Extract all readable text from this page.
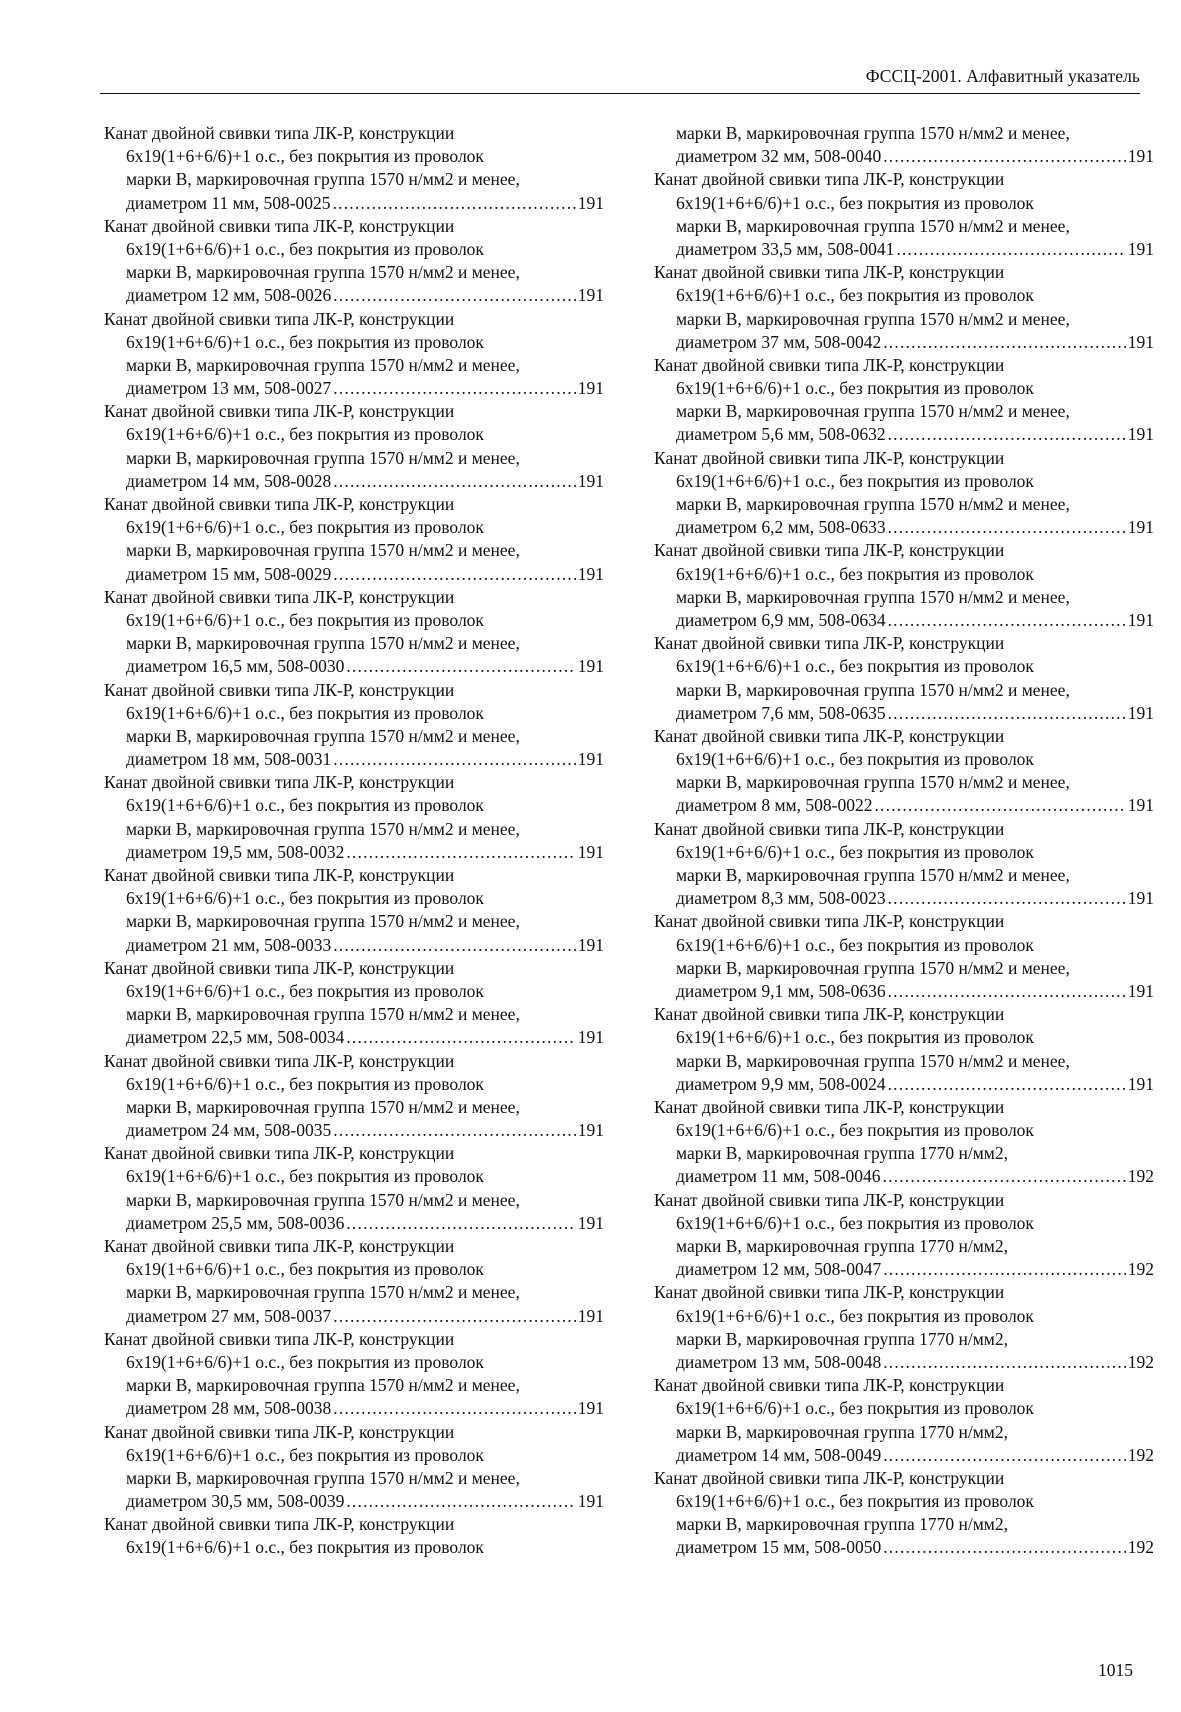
ФССЦ-2001. Алфавитный указатель
Канат двойной свивки типа ЛК-Р, конструкции
6х19(1+6+6/6)+1 о.с., без покрытия из проволок
марки В, маркировочная группа 1570 н/мм2 и менее,
диаметром 11 мм, 508-0025 .....	191
Канат двойной свивки типа ЛК-Р, конструкции
6х19(1+6+6/6)+1 о.с., без покрытия из проволок
марки В, маркировочная группа 1570 н/мм2 и менее,
диаметром 12 мм, 508-0026 .....	191
Канат двойной свивки типа ЛК-Р, конструкции
6х19(1+6+6/6)+1 о.с., без покрытия из проволок
марки В, маркировочная группа 1570 н/мм2 и менее,
диаметром 13 мм, 508-0027 .....	191
Канат двойной свивки типа ЛК-Р, конструкции
6х19(1+6+6/6)+1 о.с., без покрытия из проволок
марки В, маркировочная группа 1570 н/мм2 и менее,
диаметром 14 мм, 508-0028 .....	191
Канат двойной свивки типа ЛК-Р, конструкции
6х19(1+6+6/6)+1 о.с., без покрытия из проволок
марки В, маркировочная группа 1570 н/мм2 и менее,
диаметром 15 мм, 508-0029 .....	191
Канат двойной свивки типа ЛК-Р, конструкции
6х19(1+6+6/6)+1 о.с., без покрытия из проволок
марки В, маркировочная группа 1570 н/мм2 и менее,
диаметром 16,5 мм, 508-0030 .....	191
Канат двойной свивки типа ЛК-Р, конструкции
6х19(1+6+6/6)+1 о.с., без покрытия из проволок
марки В, маркировочная группа 1570 н/мм2 и менее,
диаметром 18 мм, 508-0031 .....	191
Канат двойной свивки типа ЛК-Р, конструкции
6х19(1+6+6/6)+1 о.с., без покрытия из проволок
марки В, маркировочная группа 1570 н/мм2 и менее,
диаметром 19,5 мм, 508-0032 .....	191
Канат двойной свивки типа ЛК-Р, конструкции
6х19(1+6+6/6)+1 о.с., без покрытия из проволок
марки В, маркировочная группа 1570 н/мм2 и менее,
диаметром 21 мм, 508-0033 .....	191
Канат двойной свивки типа ЛК-Р, конструкции
6х19(1+6+6/6)+1 о.с., без покрытия из проволок
марки В, маркировочная группа 1570 н/мм2 и менее,
диаметром 22,5 мм, 508-0034 .....	191
Канат двойной свивки типа ЛК-Р, конструкции
6х19(1+6+6/6)+1 о.с., без покрытия из проволок
марки В, маркировочная группа 1570 н/мм2 и менее,
диаметром 24 мм, 508-0035 .....	191
Канат двойной свивки типа ЛК-Р, конструкции
6х19(1+6+6/6)+1 о.с., без покрытия из проволок
марки В, маркировочная группа 1570 н/мм2 и менее,
диаметром 25,5 мм, 508-0036 .....	191
Канат двойной свивки типа ЛК-Р, конструкции
6х19(1+6+6/6)+1 о.с., без покрытия из проволок
марки В, маркировочная группа 1570 н/мм2 и менее,
диаметром 27 мм, 508-0037 .....	191
Канат двойной свивки типа ЛК-Р, конструкции
6х19(1+6+6/6)+1 о.с., без покрытия из проволок
марки В, маркировочная группа 1570 н/мм2 и менее,
диаметром 28 мм, 508-0038 .....	191
Канат двойной свивки типа ЛК-Р, конструкции
6х19(1+6+6/6)+1 о.с., без покрытия из проволок
марки В, маркировочная группа 1570 н/мм2 и менее,
диаметром 30,5 мм, 508-0039 .....	191
Канат двойной свивки типа ЛК-Р, конструкции
6х19(1+6+6/6)+1 о.с., без покрытия из проволок
марки В, маркировочная группа 1570 н/мм2 и менее,
диаметром 32 мм, 508-0040 .....	191
Канат двойной свивки типа ЛК-Р, конструкции
6х19(1+6+6/6)+1 о.с., без покрытия из проволок
марки В, маркировочная группа 1570 н/мм2 и менее,
диаметром 33,5 мм, 508-0041 .....	191
Канат двойной свивки типа ЛК-Р, конструкции
6х19(1+6+6/6)+1 о.с., без покрытия из проволок
марки В, маркировочная группа 1570 н/мм2 и менее,
диаметром 37 мм, 508-0042 .....	191
Канат двойной свивки типа ЛК-Р, конструкции
6х19(1+6+6/6)+1 о.с., без покрытия из проволок
марки В, маркировочная группа 1570 н/мм2 и менее,
диаметром 5,6 мм, 508-0632 .....	191
Канат двойной свивки типа ЛК-Р, конструкции
6х19(1+6+6/6)+1 о.с., без покрытия из проволок
марки В, маркировочная группа 1570 н/мм2 и менее,
диаметром 6,2 мм, 508-0633 .....	191
Канат двойной свивки типа ЛК-Р, конструкции
6х19(1+6+6/6)+1 о.с., без покрытия из проволок
марки В, маркировочная группа 1570 н/мм2 и менее,
диаметром 6,9 мм, 508-0634 .....	191
Канат двойной свивки типа ЛК-Р, конструкции
6х19(1+6+6/6)+1 о.с., без покрытия из проволок
марки В, маркировочная группа 1570 н/мм2 и менее,
диаметром 7,6 мм, 508-0635 .....	191
Канат двойной свивки типа ЛК-Р, конструкции
6х19(1+6+6/6)+1 о.с., без покрытия из проволок
марки В, маркировочная группа 1570 н/мм2 и менее,
диаметром 8 мм, 508-0022 .....	191
Канат двойной свивки типа ЛК-Р, конструкции
6х19(1+6+6/6)+1 о.с., без покрытия из проволок
марки В, маркировочная группа 1570 н/мм2 и менее,
диаметром 8,3 мм, 508-0023 .....	191
Канат двойной свивки типа ЛК-Р, конструкции
6х19(1+6+6/6)+1 о.с., без покрытия из проволок
марки В, маркировочная группа 1570 н/мм2 и менее,
диаметром 9,1 мм, 508-0636 .....	191
Канат двойной свивки типа ЛК-Р, конструкции
6х19(1+6+6/6)+1 о.с., без покрытия из проволок
марки В, маркировочная группа 1570 н/мм2 и менее,
диаметром 9,9 мм, 508-0024 .....	191
Канат двойной свивки типа ЛК-Р, конструкции
6х19(1+6+6/6)+1 о.с., без покрытия из проволок
марки В, маркировочная группа 1770 н/мм2,
диаметром 11 мм, 508-0046 .....	192
Канат двойной свивки типа ЛК-Р, конструкции
6х19(1+6+6/6)+1 о.с., без покрытия из проволок
марки В, маркировочная группа 1770 н/мм2,
диаметром 12 мм, 508-0047 .....	192
Канат двойной свивки типа ЛК-Р, конструкции
6х19(1+6+6/6)+1 о.с., без покрытия из проволок
марки В, маркировочная группа 1770 н/мм2,
диаметром 13 мм, 508-0048 .....	192
Канат двойной свивки типа ЛК-Р, конструкции
6х19(1+6+6/6)+1 о.с., без покрытия из проволок
марки В, маркировочная группа 1770 н/мм2,
диаметром 14 мм, 508-0049 .....	192
Канат двойной свивки типа ЛК-Р, конструкции
6х19(1+6+6/6)+1 о.с., без покрытия из проволок
марки В, маркировочная группа 1770 н/мм2,
диаметром 15 мм, 508-0050 .....	192
1015
